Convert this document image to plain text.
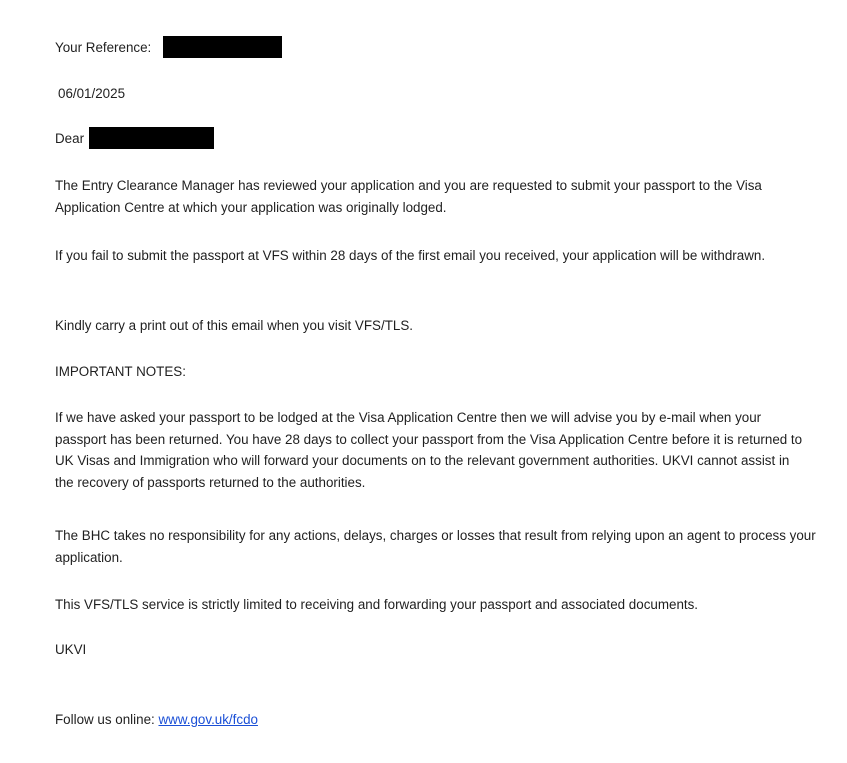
Your Reference:

06/01/2025

Dear

The Entry Clearance Manager has reviewed your application and you are requested to submit your passport to the Visa Application Centre at which your application was originally lodged.

If you fail to submit the passport at VFS within 28 days of the first email you received, your application will be withdrawn.

Kindly carry a print out of this email when you visit VFS/TLS.

IMPORTANT NOTES:

If we have asked your passport to be lodged at the Visa Application Centre then we will advise you by e-mail when your passport has been returned. You have 28 days to collect your passport from the Visa Application Centre before it is returned to UK Visas and Immigration who will forward your documents on to the relevant government authorities. UKVI cannot assist in the recovery of passports returned to the authorities.

The BHC takes no responsibility for any actions, delays, charges or losses that result from relying upon an agent to process your application.

This VFS/TLS service is strictly limited to receiving and forwarding your passport and associated documents.

UKVI

Follow us online: www.gov.uk/fcdo
